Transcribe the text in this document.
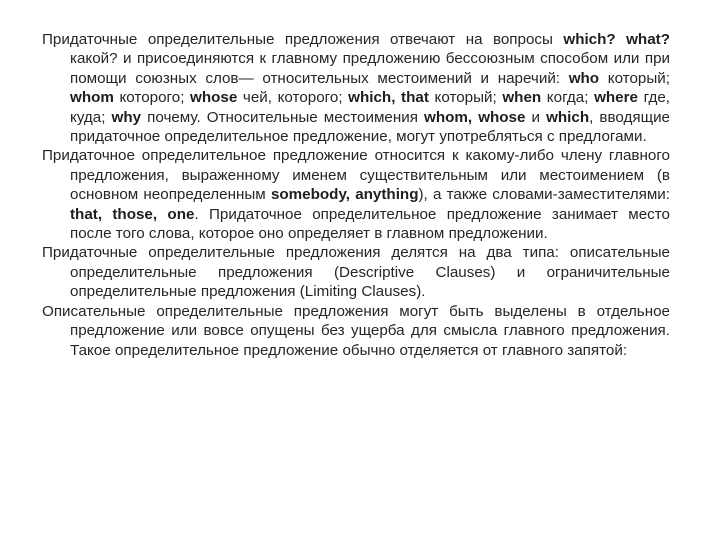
Придаточные определительные предложения отвечают на вопросы which? what? какой? и присоединяются к главному предложению бессоюзным способом или при помощи союзных слов— относительных местоимений и наречий: who который; whom которого; whose чей, которого; which, that который; when когда; where где, куда; why почему. Относительные местоимения whom, whose и which, вводящие придаточное определительное предложение, могут употребляться с предлогами.

Придаточное определительное предложение относится к какому-либо члену главного предложения, выраженному именем существительным или местоимением (в основном неопределенным somebody, anything), а также словами-заместителями: that, those, one. Придаточное определительное предложение занимает место после того слова, которое оно определяет в главном предложении.

Придаточные определительные предложения делятся на два типа: описательные определительные предложения (Descriptive Clauses) и ограничительные определительные предложения (Limiting Clauses).

Описательные определительные предложения могут быть выделены в отдельное предложение или вовсе опущены без ущерба для смысла главного предложения. Такое определительное предложение обычно отделяется от главного запятой:
